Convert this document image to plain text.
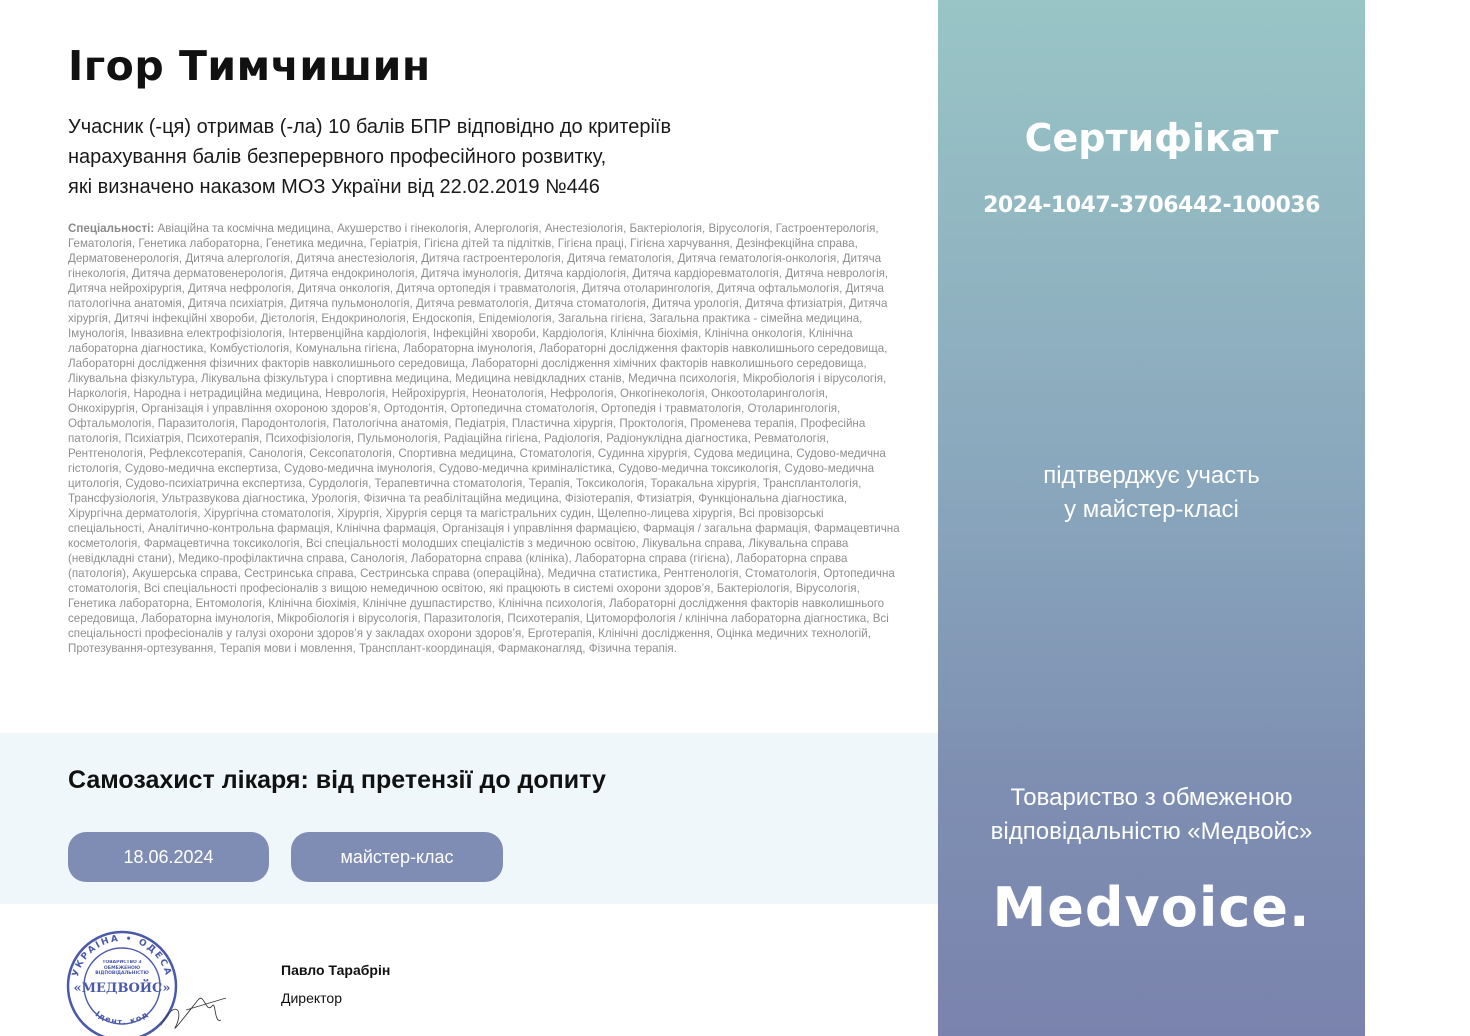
Ігор Тимчишин
Учасник (-ця) отримав (-ла) 10 балів БПР відповідно до критеріїв
нарахування балів безперервного професійного розвитку,
які визначено наказом МОЗ України від 22.02.2019 №446
Спеціальності: Авіаційна та космічна медицина, Акушерство і гінекологія, Алергологія, Анестезіологія, Бактеріологія, Вірусологія, Гастроентерологія, Гематологія, Генетика лабораторна, Генетика медична, Геріатрія, Гігієна дітей та підлітків, Гігієна праці, Гігієна харчування, Дезінфекційна справа, Дерматовенерологія, Дитяча алергологія, Дитяча анестезіологія, Дитяча гастроентерологія, Дитяча гематологія, Дитяча гематологія-онкологія, Дитяча гінекологія, Дитяча дерматовенерологія, Дитяча ендокринологія, Дитяча імунологія, Дитяча кардіологія, Дитяча кардіоревматологія, Дитяча неврологія, Дитяча нейрохірургія, Дитяча нефрологія, Дитяча онкологія, Дитяча ортопедія і травматологія, Дитяча отоларингологія, Дитяча офтальмологія, Дитяча патологічна анатомія, Дитяча психіатрія, Дитяча пульмонологія, Дитяча ревматологія, Дитяча стоматологія, Дитяча урологія, Дитяча фтизіатрія, Дитяча хірургія, Дитячі інфекційні хвороби, Дієтологія, Ендокринологія, Ендоскопія, Епідеміологія, Загальна гігієна, Загальна практика - сімейна медицина, Імунологія, Інвазивна електрофізіологія, Інтервенційна кардіологія, Інфекційні хвороби, Кардіологія, Клінічна біохімія, Клінічна онкологія, Клінічна лабораторна діагностика, Комбустіологія, Комунальна гігієна, Лабораторна імунологія, Лабораторні дослідження факторів навколишнього середовища, Лабораторні дослідження фізичних факторів навколишнього середовища, Лабораторні дослідження хімічних факторів навколишнього середовища, Лікувальна фізкультура, Лікувальна фізкультура і спортивна медицина, Медицина невідкладних станів, Медична психологія, Мікробіологія і вірусологія, Наркологія, Народна і нетрадиційна медицина, Неврологія, Нейрохірургія, Неонатологія, Нефрологія, Онкогінекологія, Онкоотоларингологія, Онкохірургія, Організація і управління охороною здоров’я, Ортодонтія, Ортопедична стоматологія, Ортопедія і травматологія, Отоларингологія, Офтальмологія, Паразитологія, Пародонтологія, Патологічна анатомія, Педіатрія, Пластична хірургія, Проктологія, Променева терапія, Професійна патологія, Психіатрія, Психотерапія, Психофізіологія, Пульмонологія, Радіаційна гігієна, Радіологія, Радіонуклідна діагностика, Ревматологія, Рентгенологія, Рефлексотерапія, Санологія, Сексопатологія, Спортивна медицина, Стоматологія, Судинна хірургія, Судова медицина, Судово-медична гістологія, Судово-медична експертиза, Судово-медична імунологія, Судово-медична криміналістика, Судово-медична токсикологія, Судово-медична цитологія, Судово-психіатрична експертиза, Сурдологія, Терапевтична стоматологія, Терапія, Токсикологія, Торакальна хірургія, Трансплантологія, Трансфузіологія, Ультразвукова діагностика, Урологія, Фізична та реабілітаційна медицина, Фізіотерапія, Фтизіатрія, Функціональна діагностика, Хірургічна дерматологія, Хірургічна стоматологія, Хірургія, Хірургія серця та магістральних судин, Щелепно-лицева хірургія, Всі провізорські спеціальності, Аналітично-контрольна фармація, Клінічна фармація, Організація і управління фармацією, Фармація / загальна фармація, Фармацевтична косметологія, Фармацевтична токсикологія, Всі спеціальності молодших спеціалістів з медичною освітою, Лікувальна справа, Лікувальна справа (невідкладні стани), Медико-профілактична справа, Санологія, Лабораторна справа (клініка), Лабораторна справа (гігієна), Лабораторна справа (патологія), Акушерська справа, Сестринська справа, Сестринська справа (операційна), Медична статистика, Рентгенологія, Стоматологія, Ортопедична стоматологія, Всі спеціальності професіоналів з вищою немедичною освітою, які працюють в системі охорони здоров’я, Бактеріологія, Вірусологія, Генетика лабораторна, Ентомологія, Клінічна біохімія, Клінічне душпастирство, Клінічна психологія, Лабораторні дослідження факторів навколишнього середовища, Лабораторна імунологія, Мікробіологія і вірусологія, Паразитологія, Психотерапія, Цитоморфологія / клінічна лабораторна діагностика, Всі спеціальності професіоналів у галузі охорони здоров’я у закладах охорони здоров’я, Ерготерапія, Клінічні дослідження, Оцінка медичних технологій, Протезування-ортезування, Терапія мови і мовлення, Трансплант-координація, Фармаконагляд, Фізична терапія.
Самозахист лікаря: від претензії до допиту
18.06.2024	майстер-клас
УКРАЇНА • ОДЕСА
Ідент. код
ТОВАРИСТВО З ОБМЕЖЕНОЮ ВІДПОВІДАЛЬНІСТЮ
«МЕДВОЙС»
Павло Тарабрін
Директор
Сертифікат
2024-1047-3706442-100036
підтверджує участь
у майстер-класі
Товариство з обмеженою
відповідальністю «Медвойс»
Medvoice.
